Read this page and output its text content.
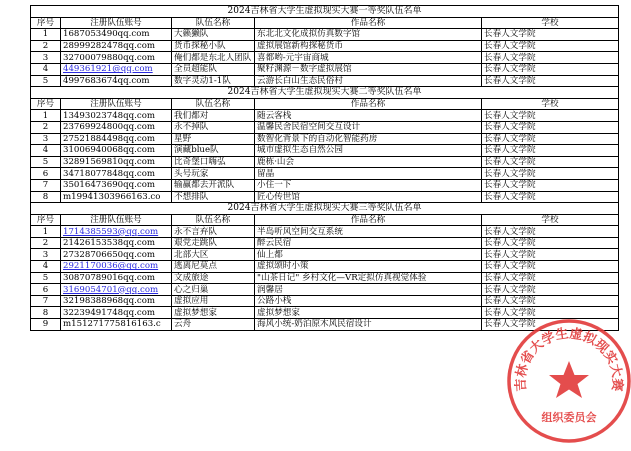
2024吉林省大学生虚拟现实大赛一等奖队伍名单				
序号	注册队伍账号	队伍名称	作品名称	学校
1	1687053490qq.com	大籁獭队	东北北文化成拟仿真数字馆	长春人文学院
2	2899928247​8qq.com	货币探秘小队	虚拟展馆新构探秘货币	长春人文学院
3	3270007988​0qq.com	俺们都是东北人团队	喜都哟-元宇宙商城	长春人文学院
4	449361921@qq.com	全员超能队	聚籽渊源－数字虚拟展馆	长春人文学院
5	4997683674qq.com	数字灵动1-1队	云游长白山生态民俗村	长春人文学院
2024吉林省大学生虚拟现实大赛二等奖队伍名单				
序号	注册队伍账号	队伍名称	作品名称	学校
1	13493023748qq.com	我们都对	随云客栈	长春人文学院
2	23769924800qq.com	永不掉队	温馨民舍民宿空间交互设计	长春人文学院
3	27521884498qq.com	星野	数智化背景下的自动化智能药房	长春人文学院
4	31006940068qq.com	演藏blue队	城市虚拟生态自然公园	长春人文学院
5	32891569810qq.com	比奇堡口嗨弘	鹿栋·山会	长春人文学院
6	34718077848qq.com	头号玩家	留晶	长春人文学院
7	35016473690qq.com	输赢都去开派队	小住一下	长春人文学院
8	m19941303966163.co	不想排队	匠心传世馆	长春人文学院
2024吉林省大学生虚拟现实大赛三等奖队伍名单				
序号	注册队伍账号	队伍名称	作品名称	学校
1	1714385593@qq.com	永不言弃队	半岛听风空间交互系统	长春人文学院
2	21426153538qq.com	艰党走跳队	醉云民宿	长春人文学院
3	27328706650qq.com	北部大区	仙上都	长春人文学院
4	2921170036@qq.com	逃离尼莫点	虚拟颂时小策	长春人文学院
5	30870789016qq.com	文成旅途	"山茶日记" 乡村文化—VR定拟仿真视觉体验	长春人文学院
6	3169054701@qq.com	心之归巢	润馨居	长春人文学院
7	32198388968qq.com	虚拟应用	公路小栈	长春人文学院
8	32239491748qq.com	虚拟梦想家	虚拟梦想家	长春人文学院
9	m15127177581616​3.c	云舟	海风小统-奶泊原木风民宿设计	长春人文学院
吉林省大学生虚拟现实大赛
组织委员会
